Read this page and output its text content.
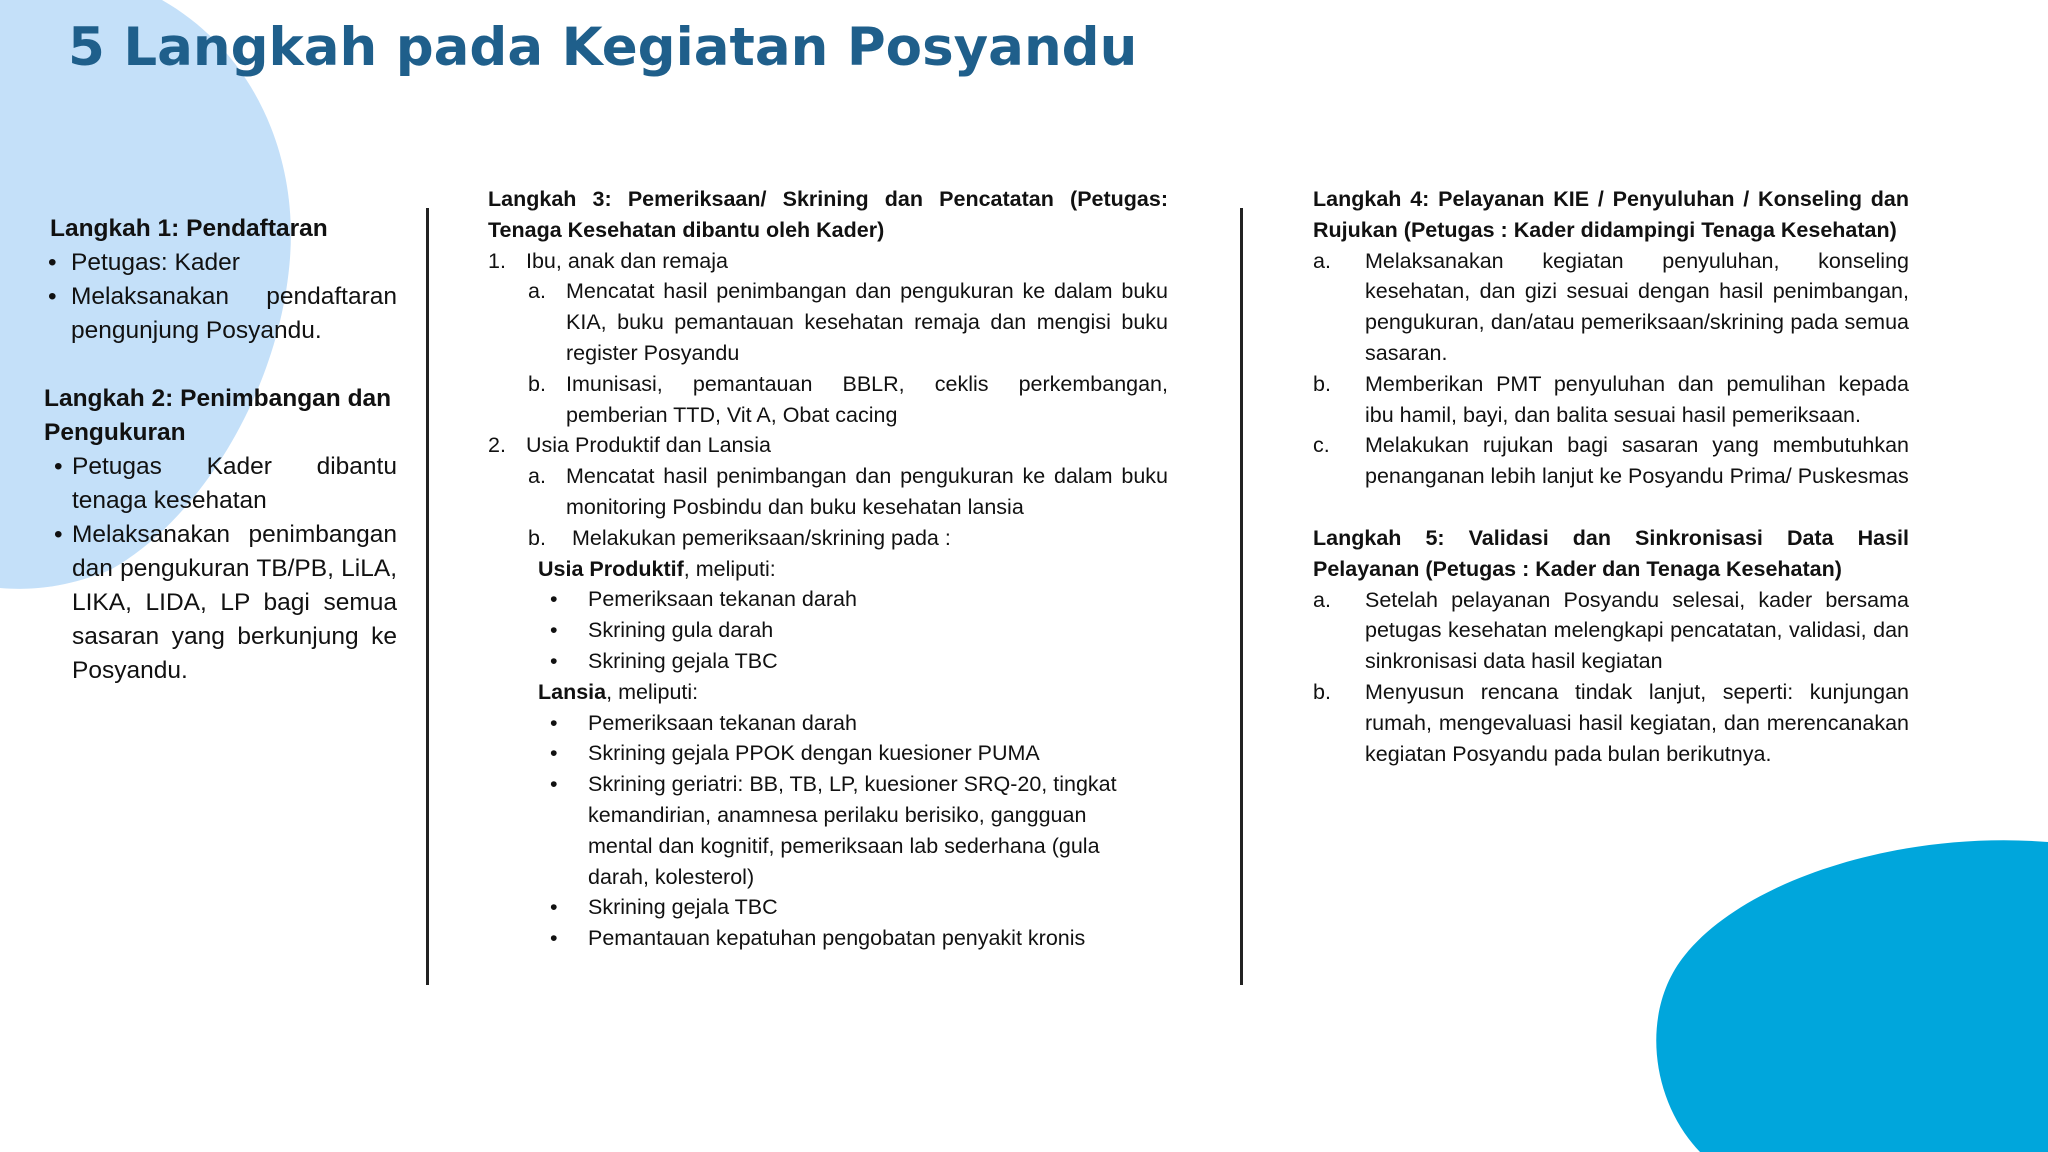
5 Langkah pada Kegiatan Posyandu
Langkah 1: Pendaftaran
• Petugas: Kader
• Melaksanakan pendaftaran pengunjung Posyandu.
Langkah 2: Penimbangan dan Pengukuran
• Petugas Kader dibantu tenaga kesehatan
• Melaksanakan penimbangan dan pengukuran TB/PB, LiLA, LIKA, LIDA, LP bagi semua sasaran yang berkunjung ke Posyandu.
Langkah 3: Pemeriksaan/ Skrining dan Pencatatan (Petugas: Tenaga Kesehatan dibantu oleh Kader)
1. Ibu, anak dan remaja
a. Mencatat hasil penimbangan dan pengukuran ke dalam buku KIA, buku pemantauan kesehatan remaja dan mengisi buku register Posyandu
b. Imunisasi, pemantauan BBLR, ceklis perkembangan, pemberian TTD, Vit A, Obat cacing
2. Usia Produktif dan Lansia
a. Mencatat hasil penimbangan dan pengukuran ke dalam buku monitoring Posbindu dan buku kesehatan lansia
b. Melakukan pemeriksaan/skrining pada :
Usia Produktif, meliputi:
• Pemeriksaan tekanan darah
• Skrining gula darah
• Skrining gejala TBC
Lansia, meliputi:
• Pemeriksaan tekanan darah
• Skrining gejala PPOK dengan kuesioner PUMA
• Skrining geriatri: BB, TB, LP, kuesioner SRQ-20, tingkat kemandirian, anamnesa perilaku berisiko, gangguan mental dan kognitif, pemeriksaan lab sederhana (gula darah, kolesterol)
• Skrining gejala TBC
• Pemantauan kepatuhan pengobatan penyakit kronis
Langkah 4: Pelayanan KIE / Penyuluhan / Konseling dan Rujukan (Petugas : Kader didampingi Tenaga Kesehatan)
a. Melaksanakan kegiatan penyuluhan, konseling kesehatan, dan gizi sesuai dengan hasil penimbangan, pengukuran, dan/atau pemeriksaan/skrining pada semua sasaran.
b. Memberikan PMT penyuluhan dan pemulihan kepada ibu hamil, bayi, dan balita sesuai hasil pemeriksaan.
c. Melakukan rujukan bagi sasaran yang membutuhkan penanganan lebih lanjut ke Posyandu Prima/ Puskesmas
Langkah 5: Validasi dan Sinkronisasi Data Hasil Pelayanan (Petugas : Kader dan Tenaga Kesehatan)
a. Setelah pelayanan Posyandu selesai, kader bersama petugas kesehatan melengkapi pencatatan, validasi, dan sinkronisasi data hasil kegiatan
b. Menyusun rencana tindak lanjut, seperti: kunjungan rumah, mengevaluasi hasil kegiatan, dan merencanakan kegiatan Posyandu pada bulan berikutnya.
